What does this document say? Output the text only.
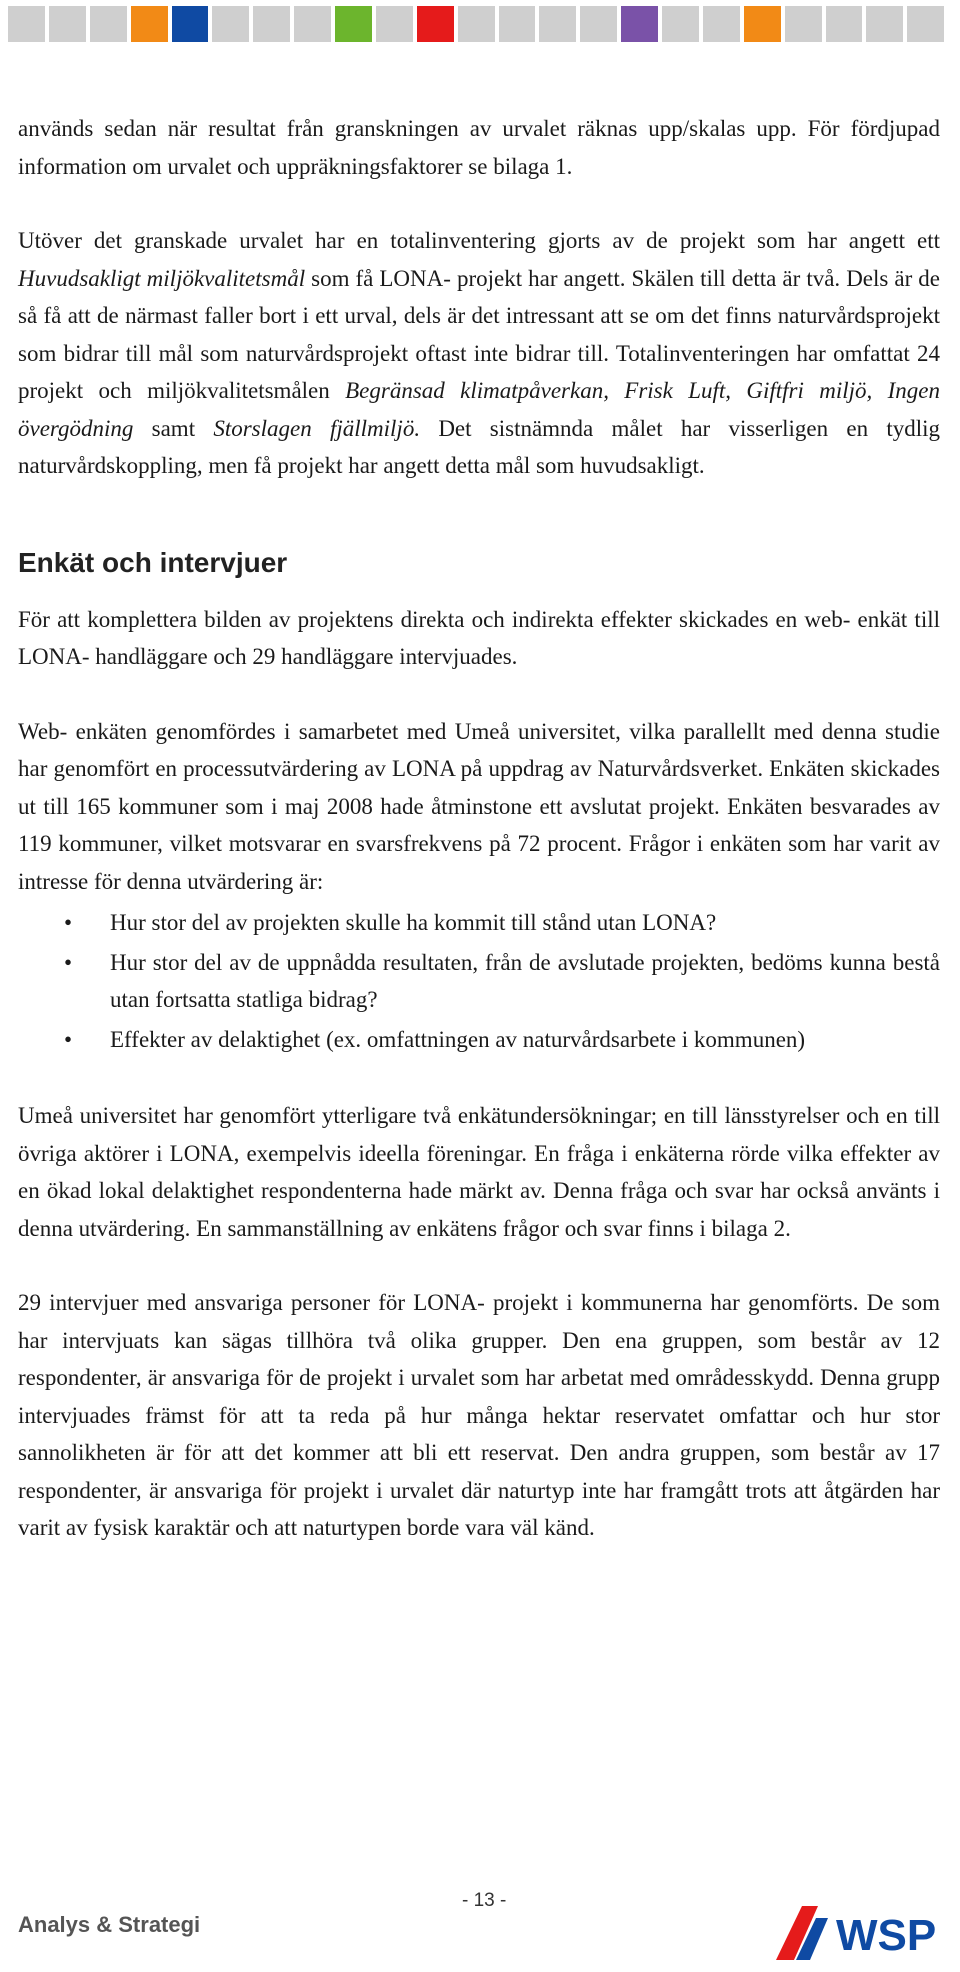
används sedan när resultat från granskningen av urvalet räknas upp/skalas upp. För fördjupad information om urvalet och uppräkningsfaktorer se bilaga 1.

Utöver det granskade urvalet har en totalinventering gjorts av de projekt som har angett ett Huvudsakligt miljökvalitetsmål som få LONA- projekt har angett. Skälen till detta är två. Dels är de så få att de närmast faller bort i ett urval, dels är det intressant att se om det finns naturvårdsprojekt som bidrar till mål som naturvårdsprojekt oftast inte bidrar till. Totalinventeringen har omfattat 24 projekt och miljökvalitetsmålen Begränsad klimatpåverkan, Frisk Luft, Giftfri miljö, Ingen övergödning samt Storslagen fjällmiljö. Det sistnämnda målet har visserligen en tydlig naturvårdskoppling, men få projekt har angett detta mål som huvudsakligt.

Enkät och intervjuer

För att komplettera bilden av projektens direkta och indirekta effekter skickades en web- enkät till LONA- handläggare och 29 handläggare intervjuades.

Web- enkäten genomfördes i samarbetet med Umeå universitet, vilka parallellt med denna studie har genomfört en processutvärdering av LONA på uppdrag av Naturvårdsverket. Enkäten skickades ut till 165 kommuner som i maj 2008 hade åtminstone ett avslutat projekt. Enkäten besvarades av 119 kommuner, vilket motsvarar en svarsfrekvens på 72 procent. Frågor i enkäten som har varit av intresse för denna utvärdering är:

• Hur stor del av projekten skulle ha kommit till stånd utan LONA?
• Hur stor del av de uppnådda resultaten, från de avslutade projekten, bedöms kunna bestå utan fortsatta statliga bidrag?
• Effekter av delaktighet (ex. omfattningen av naturvårdsarbete i kommunen)

Umeå universitet har genomfört ytterligare två enkätundersökningar; en till länsstyrelser och en till övriga aktörer i LONA, exempelvis ideella föreningar. En fråga i enkäterna rörde vilka effekter av en ökad lokal delaktighet respondenterna hade märkt av. Denna fråga och svar har också använts i denna utvärdering. En sammanställning av enkätens frågor och svar finns i bilaga 2.

29 intervjuer med ansvariga personer för LONA- projekt i kommunerna har genomförts. De som har intervjuats kan sägas tillhöra två olika grupper. Den ena gruppen, som består av 12 respondenter, är ansvariga för de projekt i urvalet som har arbetat med områdesskydd. Denna grupp intervjuades främst för att ta reda på hur många hektar reservatet omfattar och hur stor sannolikheten är för att det kommer att bli ett reservat. Den andra gruppen, som består av 17 respondenter, är ansvariga för projekt i urvalet där naturtyp inte har framgått trots att åtgärden har varit av fysisk karaktär och att naturtypen borde vara väl känd.

- 13 -
Analys & Strategi	WSP
